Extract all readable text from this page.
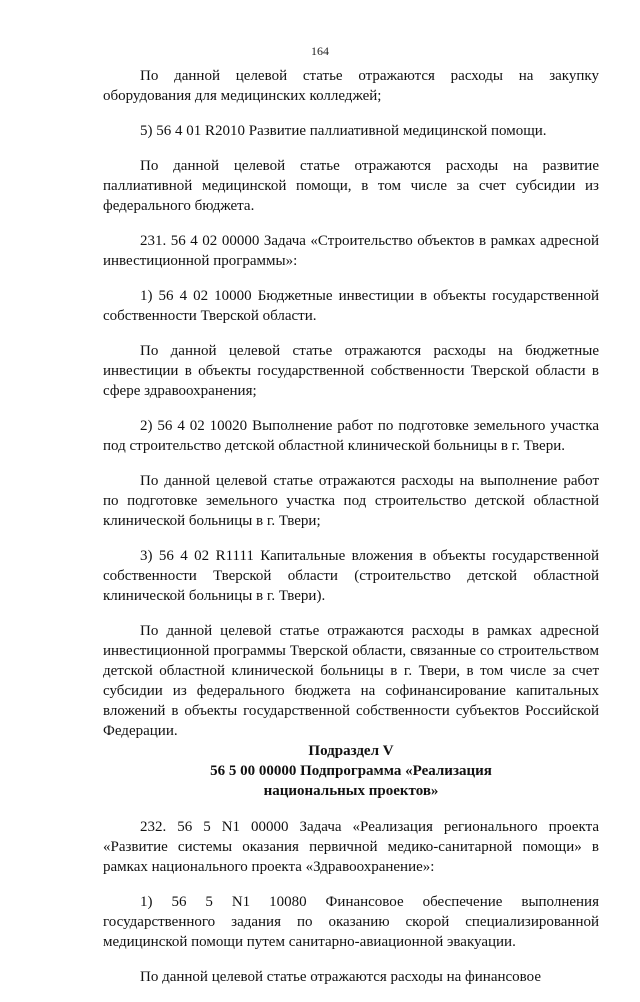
164

По данной целевой статье отражаются расходы на закупку оборудования для медицинских колледжей;

5) 56 4 01 R2010 Развитие паллиативной медицинской помощи.

По данной целевой статье отражаются расходы на развитие паллиативной медицинской помощи, в том числе за счет субсидии из федерального бюджета.

231. 56 4 02 00000 Задача «Строительство объектов в рамках адресной инвестиционной программы»:

1) 56 4 02 10000 Бюджетные инвестиции в объекты государственной собственности Тверской области.

По данной целевой статье отражаются расходы на бюджетные инвестиции в объекты государственной собственности Тверской области в сфере здравоохранения;

2) 56 4 02 10020 Выполнение работ по подготовке земельного участка под строительство детской областной клинической больницы в г. Твери.

По данной целевой статье отражаются расходы на выполнение работ по подготовке земельного участка под строительство детской областной клинической больницы в г. Твери;

3) 56 4 02 R1111 Капитальные вложения в объекты государственной собственности Тверской области (строительство детской областной клинической больницы в г. Твери).

По данной целевой статье отражаются расходы в рамках адресной инвестиционной программы Тверской области, связанные со строительством детской областной клинической больницы в г. Твери, в том числе за счет субсидии из федерального бюджета на софинансирование капитальных вложений в объекты государственной собственности субъектов Российской Федерации.

Подраздел V
56 5 00 00000 Подпрограмма «Реализация
национальных проектов»

232. 56 5 N1 00000 Задача «Реализация регионального проекта «Развитие системы оказания первичной медико-санитарной помощи» в рамках национального проекта «Здравоохранение»:

1) 56 5 N1 10080 Финансовое обеспечение выполнения государственного задания по оказанию скорой специализированной медицинской помощи путем санитарно-авиационной эвакуации.

По данной целевой статье отражаются расходы на финансовое
